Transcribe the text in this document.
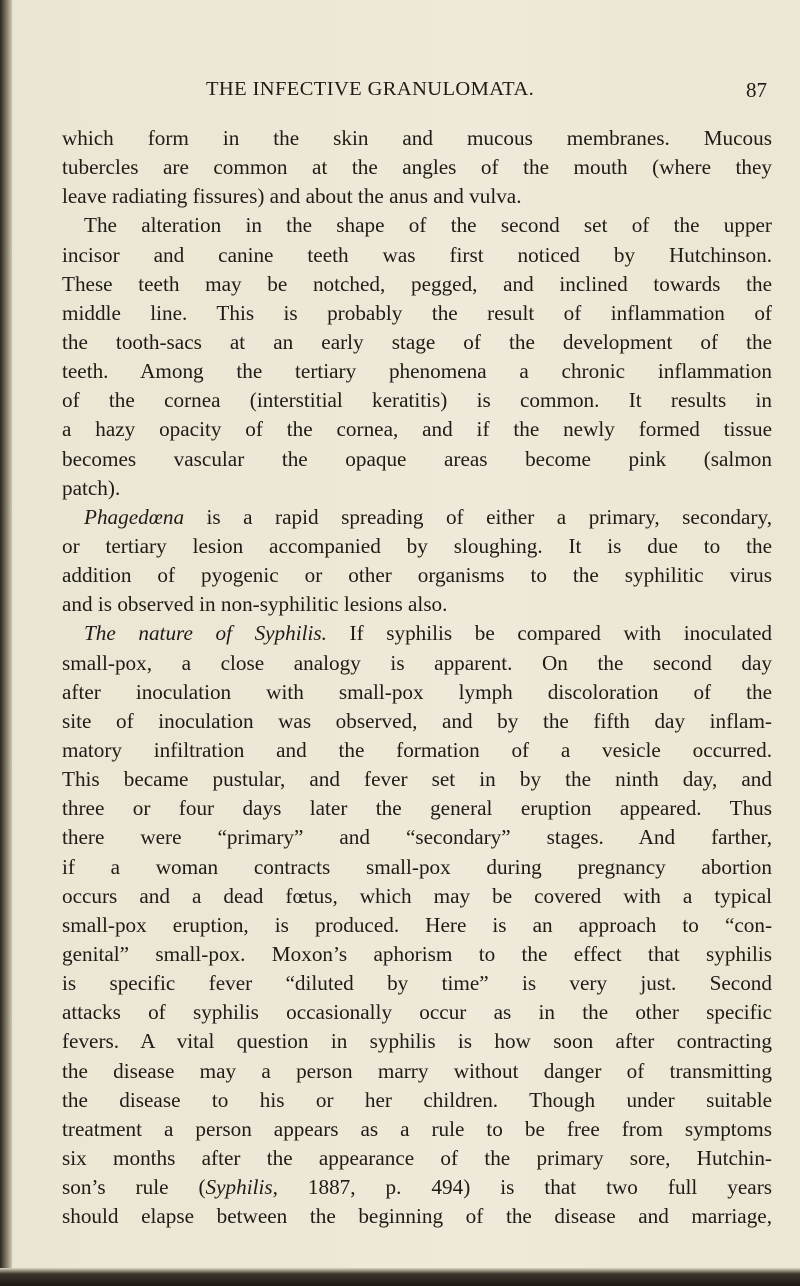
THE INFECTIVE GRANULOMATA.	87
which form in the skin and mucous membranes. Mucous
tubercles are common at the angles of the mouth (where they
leave radiating fissures) and about the anus and vulva.
The alteration in the shape of the second set of the upper
incisor and canine teeth was first noticed by Hutchinson.
These teeth may be notched, pegged, and inclined towards the
middle line. This is probably the result of inflammation of
the tooth-sacs at an early stage of the development of the
teeth. Among the tertiary phenomena a chronic inflammation
of the cornea (interstitial keratitis) is common. It results in
a hazy opacity of the cornea, and if the newly formed tissue
becomes vascular the opaque areas become pink (salmon
patch).
Phagedœna is a rapid spreading of either a primary, secondary,
or tertiary lesion accompanied by sloughing. It is due to the
addition of pyogenic or other organisms to the syphilitic virus
and is observed in non-syphilitic lesions also.
The nature of Syphilis. If syphilis be compared with inoculated
small-pox, a close analogy is apparent. On the second day
after inoculation with small-pox lymph discoloration of the
site of inoculation was observed, and by the fifth day inflam-
matory infiltration and the formation of a vesicle occurred.
This became pustular, and fever set in by the ninth day, and
three or four days later the general eruption appeared. Thus
there were “primary” and “secondary” stages. And farther,
if a woman contracts small-pox during pregnancy abortion
occurs and a dead fœtus, which may be covered with a typical
small-pox eruption, is produced. Here is an approach to “con-
genital” small-pox. Moxon’s aphorism to the effect that syphilis
is specific fever “diluted by time” is very just. Second
attacks of syphilis occasionally occur as in the other specific
fevers. A vital question in syphilis is how soon after contracting
the disease may a person marry without danger of transmitting
the disease to his or her children. Though under suitable
treatment a person appears as a rule to be free from symptoms
six months after the appearance of the primary sore, Hutchin-
son’s rule (Syphilis, 1887, p. 494) is that two full years
should elapse between the beginning of the disease and marriage,
